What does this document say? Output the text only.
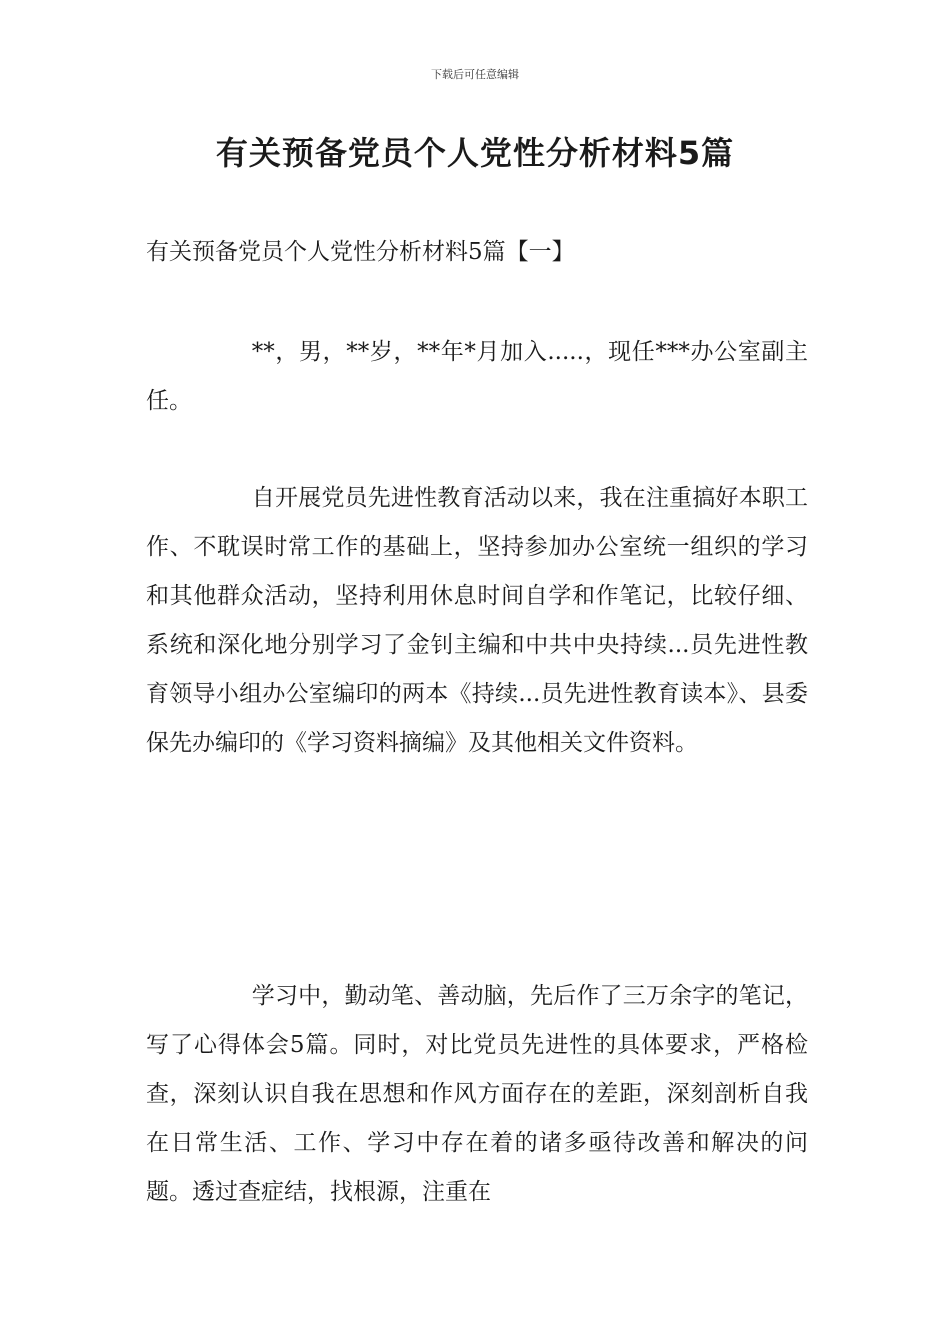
下载后可任意编辑
有关预备党员个人党性分析材料5篇
有关预备党员个人党性分析材料5篇【一】

**，男，**岁，**年*月加入.....，现任***办公室副主任。

自开展党员先进性教育活动以来，我在注重搞好本职工作、不耽误时常工作的基础上，坚持参加办公室统一组织的学习和其他群众活动，坚持利用休息时间自学和作笔记，比较仔细、系统和深化地分别学习了金钊主编和中共中央持续...员先进性教育领导小组办公室编印的两本《持续...员先进性教育读本》、县委保先办编印的《学习资料摘编》及其他相关文件资料。

学习中，勤动笔、善动脑，先后作了三万余字的笔记，写了心得体会5篇。同时，对比党员先进性的具体要求，严格检查，深刻认识自我在思想和作风方面存在的差距，深刻剖析自我在日常生活、工作、学习中存在着的诸多亟待改善和解决的问题。透过查症结，找根源，注重在
